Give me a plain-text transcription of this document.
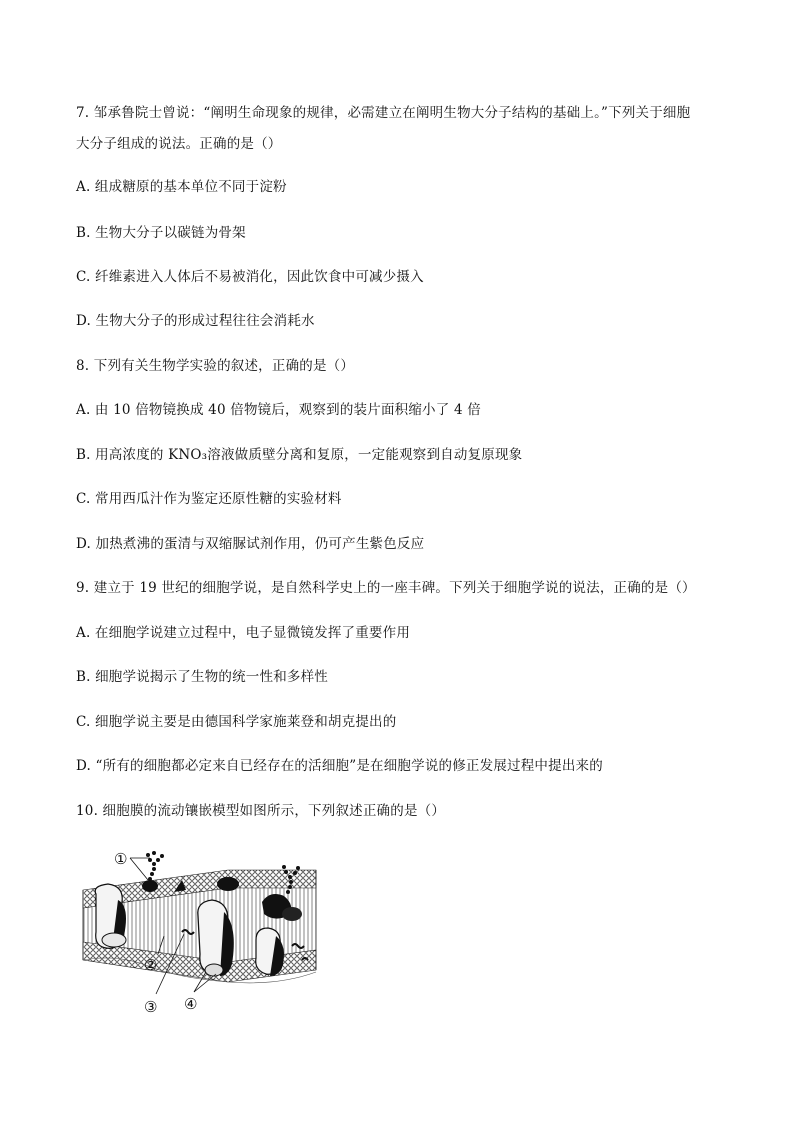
7. 邹承鲁院士曾说：“阐明生命现象的规律，必需建立在阐明生物大分子结构的基础上。”下列关于细胞
大分子组成的说法。正确的是（）
A. 组成糖原的基本单位不同于淀粉
B. 生物大分子以碳链为骨架
C. 纤维素进入人体后不易被消化，因此饮食中可减少摄入
D. 生物大分子的形成过程往往会消耗水
8. 下列有关生物学实验的叙述，正确的是（）
A. 由 10 倍物镜换成 40 倍物镜后，观察到的装片面积缩小了 4 倍
B. 用高浓度的 KNO₃溶液做质壁分离和复原，一定能观察到自动复原现象
C. 常用西瓜汁作为鉴定还原性糖的实验材料
D. 加热煮沸的蛋清与双缩脲试剂作用，仍可产生紫色反应
9. 建立于 19 世纪的细胞学说，是自然科学史上的一座丰碑。下列关于细胞学说的说法，正确的是（）
A. 在细胞学说建立过程中，电子显微镜发挥了重要作用
B. 细胞学说揭示了生物的统一性和多样性
C. 细胞学说主要是由德国科学家施莱登和胡克提出的
D. “所有的细胞都必定来自已经存在的活细胞”是在细胞学说的修正发展过程中提出来的
10. 细胞膜的流动镶嵌模型如图所示，下列叙述正确的是（）
①
②
③ ④
